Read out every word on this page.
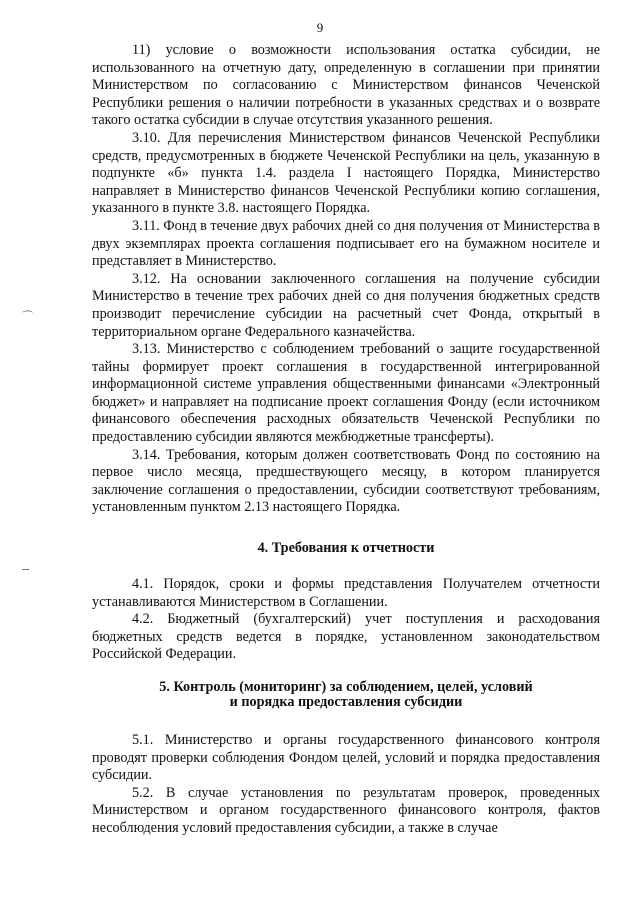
9
⌒
--

11) условие о возможности использования остатка субсидии, не использованного на отчетную дату, определенную в соглашении при принятии Министерством по согласованию с Министерством финансов Чеченской Республики решения о наличии потребности в указанных средствах и о возврате такого остатка субсидии в случае отсутствия указанного решения.

3.10. Для перечисления Министерством финансов Чеченской Республики средств, предусмотренных в бюджете Чеченской Республики на цель, указанную в подпункте «б» пункта 1.4. раздела I настоящего Порядка, Министерство направляет в Министерство финансов Чеченской Республики копию соглашения, указанного в пункте 3.8. настоящего Порядка.

3.11. Фонд в течение двух рабочих дней со дня получения от Министерства в двух экземплярах проекта соглашения подписывает его на бумажном носителе и представляет в Министерство.

3.12. На основании заключенного соглашения на получение субсидии Министерство в течение трех рабочих дней со дня получения бюджетных средств производит перечисление субсидии на расчетный счет Фонда, открытый в территориальном органе Федерального казначейства.

3.13. Министерство с соблюдением требований о защите государственной тайны формирует проект соглашения в государственной интегрированной информационной системе управления общественными финансами «Электронный бюджет» и направляет на подписание проект соглашения Фонду (если источником финансового обеспечения расходных обязательств Чеченской Республики по предоставлению субсидии являются межбюджетные трансферты).

3.14. Требования, которым должен соответствовать Фонд по состоянию на первое число месяца, предшествующего месяцу, в котором планируется заключение соглашения о предоставлении, субсидии соответствуют требованиям, установленным пунктом 2.13 настоящего Порядка.

4. Требования к отчетности

4.1. Порядок, сроки и формы представления Получателем отчетности устанавливаются Министерством в Соглашении.

4.2. Бюджетный (бухгалтерский) учет поступления и расходования бюджетных средств ведется в порядке, установленном законодательством Российской Федерации.

5. Контроль (мониторинг) за соблюдением, целей, условий
и порядка предоставления субсидии

5.1. Министерство и органы государственного финансового контроля проводят проверки соблюдения Фондом целей, условий и порядка предоставления субсидии.

5.2. В случае установления по результатам проверок, проведенных Министерством и органом государственного финансового контроля, фактов несоблюдения условий предоставления субсидии, а также в случае
